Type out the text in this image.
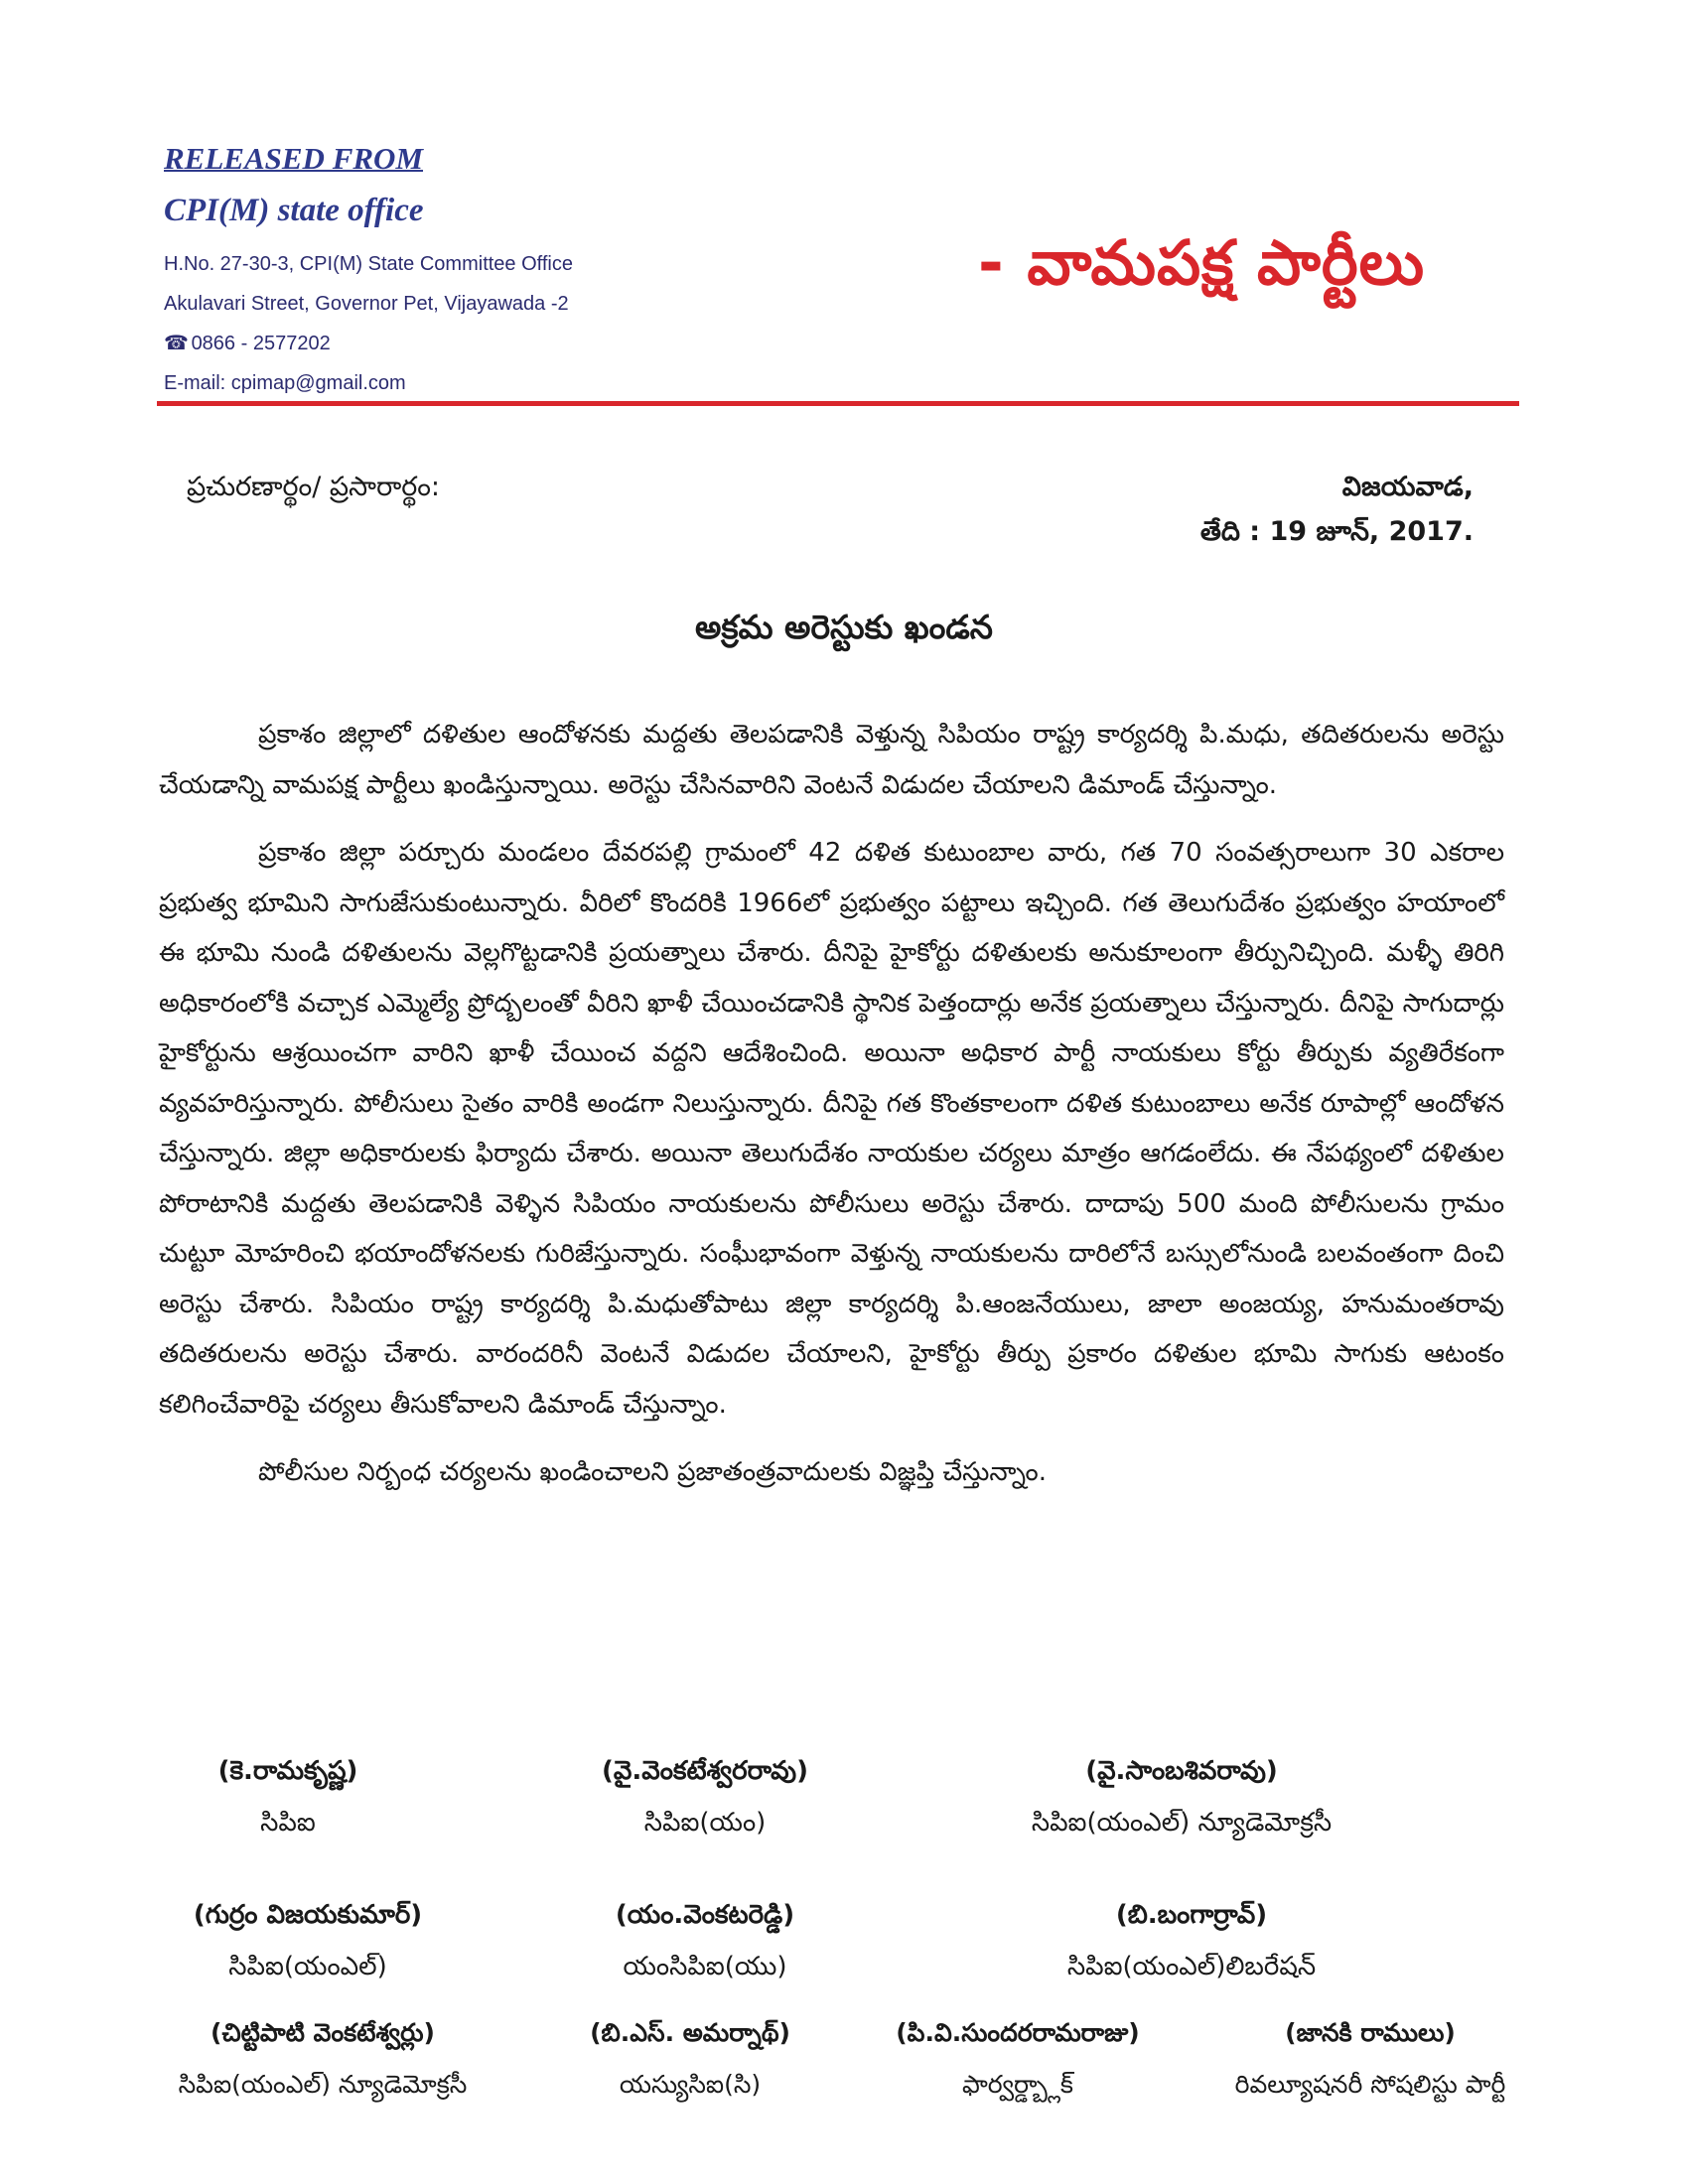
RELEASED FROM
CPI(M) state office
H.No. 27-30-3, CPI(M) State Committee Office
Akulavari Street, Governor Pet, Vijayawada -2
☎ 0866 - 2577202
E-mail: cpimap@gmail.com
- వామపక్ష పార్టీలు
ప్రచురణార్థం/ ప్రసారార్థం:	విజయవాడ,
తేది : 19 జూన్, 2017.
అక్రమ అరెస్టుకు ఖండన

ప్రకాశం జిల్లాలో దళితుల ఆందోళనకు మద్దతు తెలపడానికి వెళ్తున్న సిపియం రాష్ట్ర కార్యదర్శి పి.మధు, తదితరులను అరెస్టు చేయడాన్ని వామపక్ష పార్టీలు ఖండిస్తున్నాయి. అరెస్టు చేసినవారిని వెంటనే విడుదల చేయాలని డిమాండ్ చేస్తున్నాం.

ప్రకాశం జిల్లా పర్చూరు మండలం దేవరపల్లి గ్రామంలో 42 దళిత కుటుంబాల వారు, గత 70 సంవత్సరాలుగా 30 ఎకరాల ప్రభుత్వ భూమిని సాగుజేసుకుంటున్నారు. వీరిలో కొందరికి 1966లో ప్రభుత్వం పట్టాలు ఇచ్చింది. గత తెలుగుదేశం ప్రభుత్వం హయాంలో ఈ భూమి నుండి దళితులను వెల్లగొట్టడానికి ప్రయత్నాలు చేశారు. దీనిపై హైకోర్టు దళితులకు అనుకూలంగా తీర్పునిచ్చింది. మళ్ళీ తిరిగి అధికారంలోకి వచ్చాక ఎమ్మెల్యే ప్రోద్బలంతో వీరిని ఖాళీ చేయించడానికి స్థానిక పెత్తందార్లు అనేక ప్రయత్నాలు చేస్తున్నారు. దీనిపై సాగుదార్లు హైకోర్టును ఆశ్రయించగా వారిని ఖాళీ చేయించ వద్దని ఆదేశించింది. అయినా అధికార పార్టీ నాయకులు కోర్టు తీర్పుకు వ్యతిరేకంగా వ్యవహరిస్తున్నారు. పోలీసులు సైతం వారికి అండగా నిలుస్తున్నారు. దీనిపై గత కొంతకాలంగా దళిత కుటుంబాలు అనేక రూపాల్లో ఆందోళన చేస్తున్నారు. జిల్లా అధికారులకు ఫిర్యాదు చేశారు. అయినా తెలుగుదేశం నాయకుల చర్యలు మాత్రం ఆగడంలేదు. ఈ నేపథ్యంలో దళితుల పోరాటానికి మద్దతు తెలపడానికి వెళ్ళిన సిపియం నాయకులను పోలీసులు అరెస్టు చేశారు. దాదాపు 500 మంది పోలీసులను గ్రామం చుట్టూ మోహరించి భయాందోళనలకు గురిజేస్తున్నారు. సంఘీభావంగా వెళ్తున్న నాయకులను దారిలోనే బస్సులోనుండి బలవంతంగా దించి అరెస్టు చేశారు. సిపియం రాష్ట్ర కార్యదర్శి పి.మధుతోపాటు జిల్లా కార్యదర్శి పి.ఆంజనేయులు, జాలా అంజయ్య, హనుమంతరావు తదితరులను అరెస్టు చేశారు. వారందరినీ వెంటనే విడుదల చేయాలని, హైకోర్టు తీర్పు ప్రకారం దళితుల భూమి సాగుకు ఆటంకం కలిగించేవారిపై చర్యలు తీసుకోవాలని డిమాండ్ చేస్తున్నాం.

పోలీసుల నిర్బంధ చర్యలను ఖండించాలని ప్రజాతంత్రవాదులకు విజ్ఞప్తి చేస్తున్నాం.

(కె.రామకృష్ణ)
సిపిఐ
(వై.వెంకటేశ్వరరావు)
సిపిఐ(యం)
(వై.సాంబశివరావు)
సిపిఐ(యంఎల్) న్యూడెమోక్రసీ
(గుర్రం విజయకుమార్)
సిపిఐ(యంఎల్)
(యం.వెంకటరెడ్డి)
యంసిపిఐ(యు)
(బి.బంగార్రావ్)
సిపిఐ(యంఎల్)లిబరేషన్
(చిట్టిపాటి వెంకటేశ్వర్లు)
సిపిఐ(యంఎల్) న్యూడెమోక్రసీ
(బి.ఎస్. అమర్నాథ్)
యస్యుసిఐ(సి)
(పి.వి.సుందరరామరాజు)
ఫార్వర్డ్బ్లాక్
(జానకి రాములు)
రివల్యూషనరీ సోషలిస్టు పార్టీ
